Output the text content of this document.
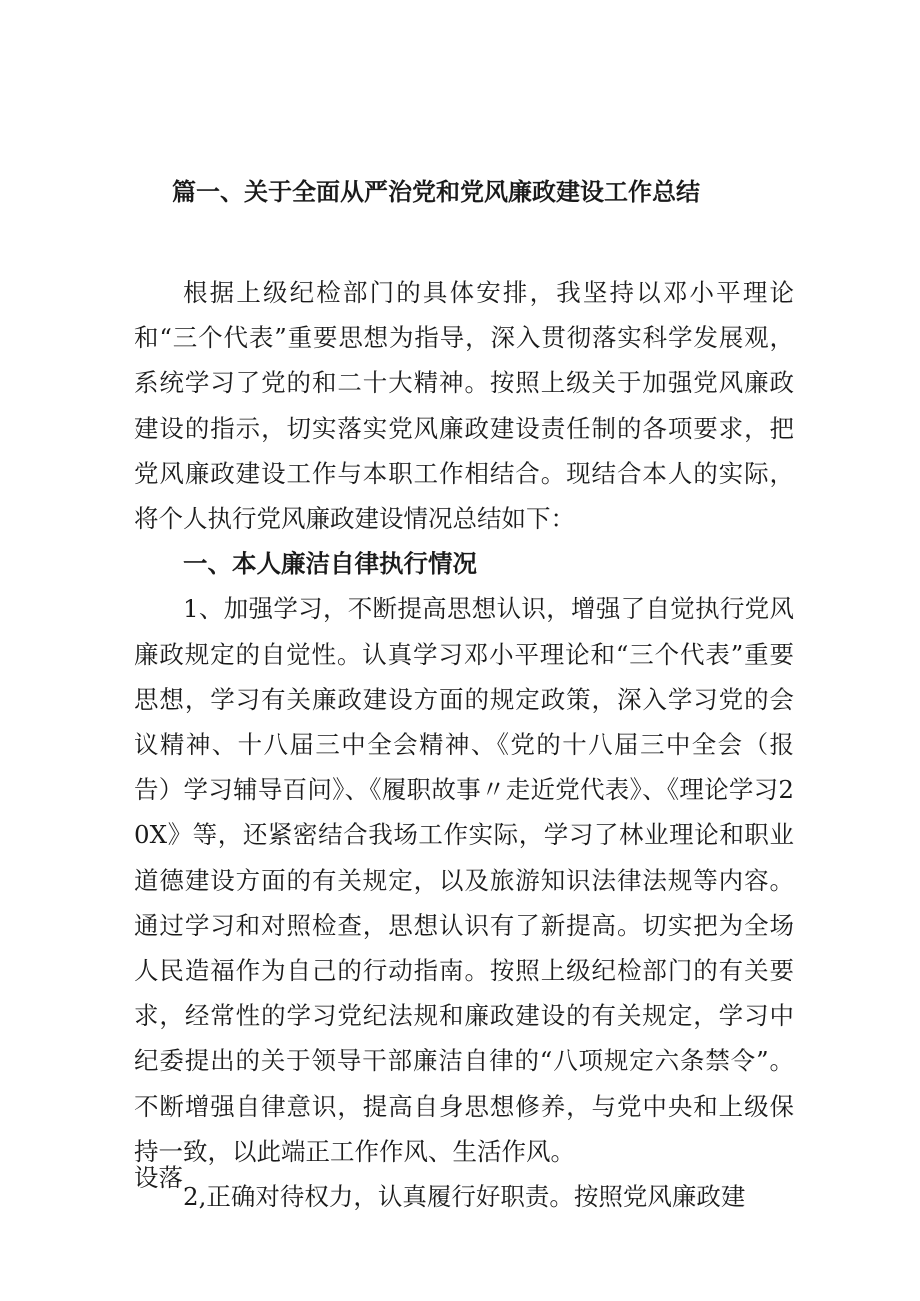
篇一、关于全面从严治党和党风廉政建设工作总结

根据上级纪检部门的具体安排，我坚持以邓小平理论和“三个代表”重要思想为指导，深入贯彻落实科学发展观，系统学习了党的和二十大精神。按照上级关于加强党风廉政建设的指示，切实落实党风廉政建设责任制的各项要求，把党风廉政建设工作与本职工作相结合。现结合本人的实际，将个人执行党风廉政建设情况总结如下：

一、本人廉洁自律执行情况

1、加强学习，不断提高思想认识，增强了自觉执行党风廉政规定的自觉性。认真学习邓小平理论和“三个代表”重要思想，学习有关廉政建设方面的规定政策，深入学习党的会议精神、十八届三中全会精神、《党的十八届三中全会（报告）学习辅导百问》、《履职故事〃走近党代表》、《理论学习20X》等，还紧密结合我场工作实际，学习了林业理论和职业道德建设方面的有关规定，以及旅游知识法律法规等内容。通过学习和对照检查，思想认识有了新提高。切实把为全场人民造福作为自己的行动指南。按照上级纪检部门的有关要求，经常性的学习党纪法规和廉政建设的有关规定，学习中纪委提出的关于领导干部廉洁自律的“八项规定六条禁令”。不断增强自律意识，提高自身思想修养，与党中央和上级保持一致，以此端正工作作风、生活作风。

2,正确对待权力，认真履行好职责。按照党风廉政建

设落
